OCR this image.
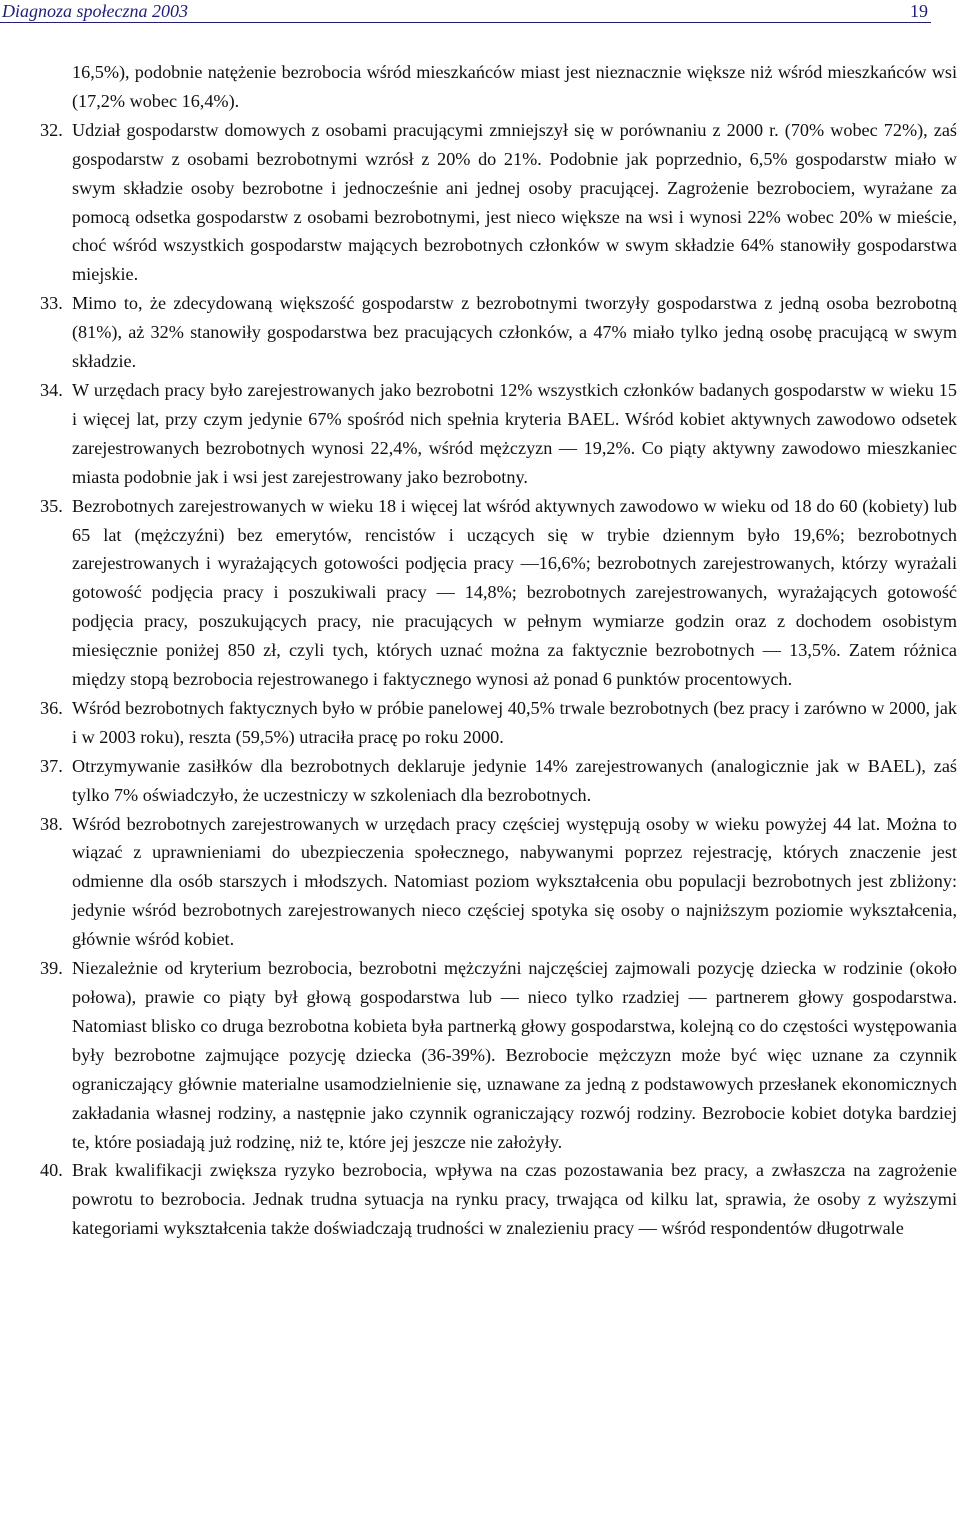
Diagnoza społeczna 2003	19

16,5%), podobnie natężenie bezrobocia wśród mieszkańców miast jest nieznacznie większe niż wśród mieszkańców wsi (17,2% wobec 16,4%).

32. Udział gospodarstw domowych z osobami pracującymi zmniejszył się w porównaniu z 2000 r. (70% wobec 72%), zaś gospodarstw z osobami bezrobotnymi wzrósł z 20% do 21%. Podobnie jak poprzednio, 6,5% gospodarstw miało w swym składzie osoby bezrobotne i jednocześnie ani jednej osoby pracującej. Zagrożenie bezrobociem, wyrażane za pomocą odsetka gospodarstw z osobami bezrobotnymi, jest nieco większe na wsi i wynosi 22% wobec 20% w mieście, choć wśród wszystkich gospodarstw mających bezrobotnych członków w swym składzie 64% stanowiły gospodarstwa miejskie.

33. Mimo to, że zdecydowaną większość gospodarstw z bezrobotnymi tworzyły gospodarstwa z jedną osoba bezrobotną (81%), aż 32% stanowiły gospodarstwa bez pracujących członków, a 47% miało tylko jedną osobę pracującą w swym składzie.

34. W urzędach pracy było zarejestrowanych jako bezrobotni 12% wszystkich członków badanych gospodarstw w wieku 15 i więcej lat, przy czym jedynie 67% spośród nich spełnia kryteria BAEL. Wśród kobiet aktywnych zawodowo odsetek zarejestrowanych bezrobotnych wynosi 22,4%, wśród mężczyzn — 19,2%. Co piąty aktywny zawodowo mieszkaniec miasta podobnie jak i wsi jest zarejestrowany jako bezrobotny.

35. Bezrobotnych zarejestrowanych w wieku 18 i więcej lat wśród aktywnych zawodowo w wieku od 18 do 60 (kobiety) lub 65 lat (mężczyźni) bez emerytów, rencistów i uczących się w trybie dziennym było 19,6%; bezrobotnych zarejestrowanych i wyrażających gotowości podjęcia pracy —16,6%; bezrobotnych zarejestrowanych, którzy wyrażali gotowość podjęcia pracy i poszukiwali pracy — 14,8%; bezrobotnych zarejestrowanych, wyrażających gotowość podjęcia pracy, poszukujących pracy, nie pracujących w pełnym wymiarze godzin oraz z dochodem osobistym miesięcznie poniżej 850 zł, czyli tych, których uznać można za faktycznie bezrobotnych — 13,5%. Zatem różnica między stopą bezrobocia rejestrowanego i faktycznego wynosi aż ponad 6 punktów procentowych.

36. Wśród bezrobotnych faktycznych było w próbie panelowej 40,5% trwale bezrobotnych (bez pracy i zarówno w 2000, jak i w 2003 roku), reszta (59,5%) utraciła pracę po roku 2000.

37. Otrzymywanie zasiłków dla bezrobotnych deklaruje jedynie 14% zarejestrowanych (analogicznie jak w BAEL), zaś tylko 7% oświadczyło, że uczestniczy w szkoleniach dla bezrobotnych.

38. Wśród bezrobotnych zarejestrowanych w urzędach pracy częściej występują osoby w wieku powyżej 44 lat. Można to wiązać z uprawnieniami do ubezpieczenia społecznego, nabywanymi poprzez rejestrację, których znaczenie jest odmienne dla osób starszych i młodszych. Natomiast poziom wykształcenia obu populacji bezrobotnych jest zbliżony: jedynie wśród bezrobotnych zarejestrowanych nieco częściej spotyka się osoby o najniższym poziomie wykształcenia, głównie wśród kobiet.

39. Niezależnie od kryterium bezrobocia, bezrobotni mężczyźni najczęściej zajmowali pozycję dziecka w rodzinie (około połowa), prawie co piąty był głową gospodarstwa lub — nieco tylko rzadziej — partnerem głowy gospodarstwa. Natomiast blisko co druga bezrobotna kobieta była partnerką głowy gospodarstwa, kolejną co do częstości występowania były bezrobotne zajmujące pozycję dziecka (36-39%). Bezrobocie mężczyzn może być więc uznane za czynnik ograniczający głównie materialne usamodzielnienie się, uznawane za jedną z podstawowych przesłanek ekonomicznych zakładania własnej rodziny, a następnie jako czynnik ograniczający rozwój rodziny. Bezrobocie kobiet dotyka bardziej te, które posiadają już rodzinę, niż te, które jej jeszcze nie założyły.

40. Brak kwalifikacji zwiększa ryzyko bezrobocia, wpływa na czas pozostawania bez pracy, a zwłaszcza na zagrożenie powrotu to bezrobocia. Jednak trudna sytuacja na rynku pracy, trwająca od kilku lat, sprawia, że osoby z wyższymi kategoriami wykształcenia także doświadczają trudności w znalezieniu pracy — wśród respondentów długotrwale
